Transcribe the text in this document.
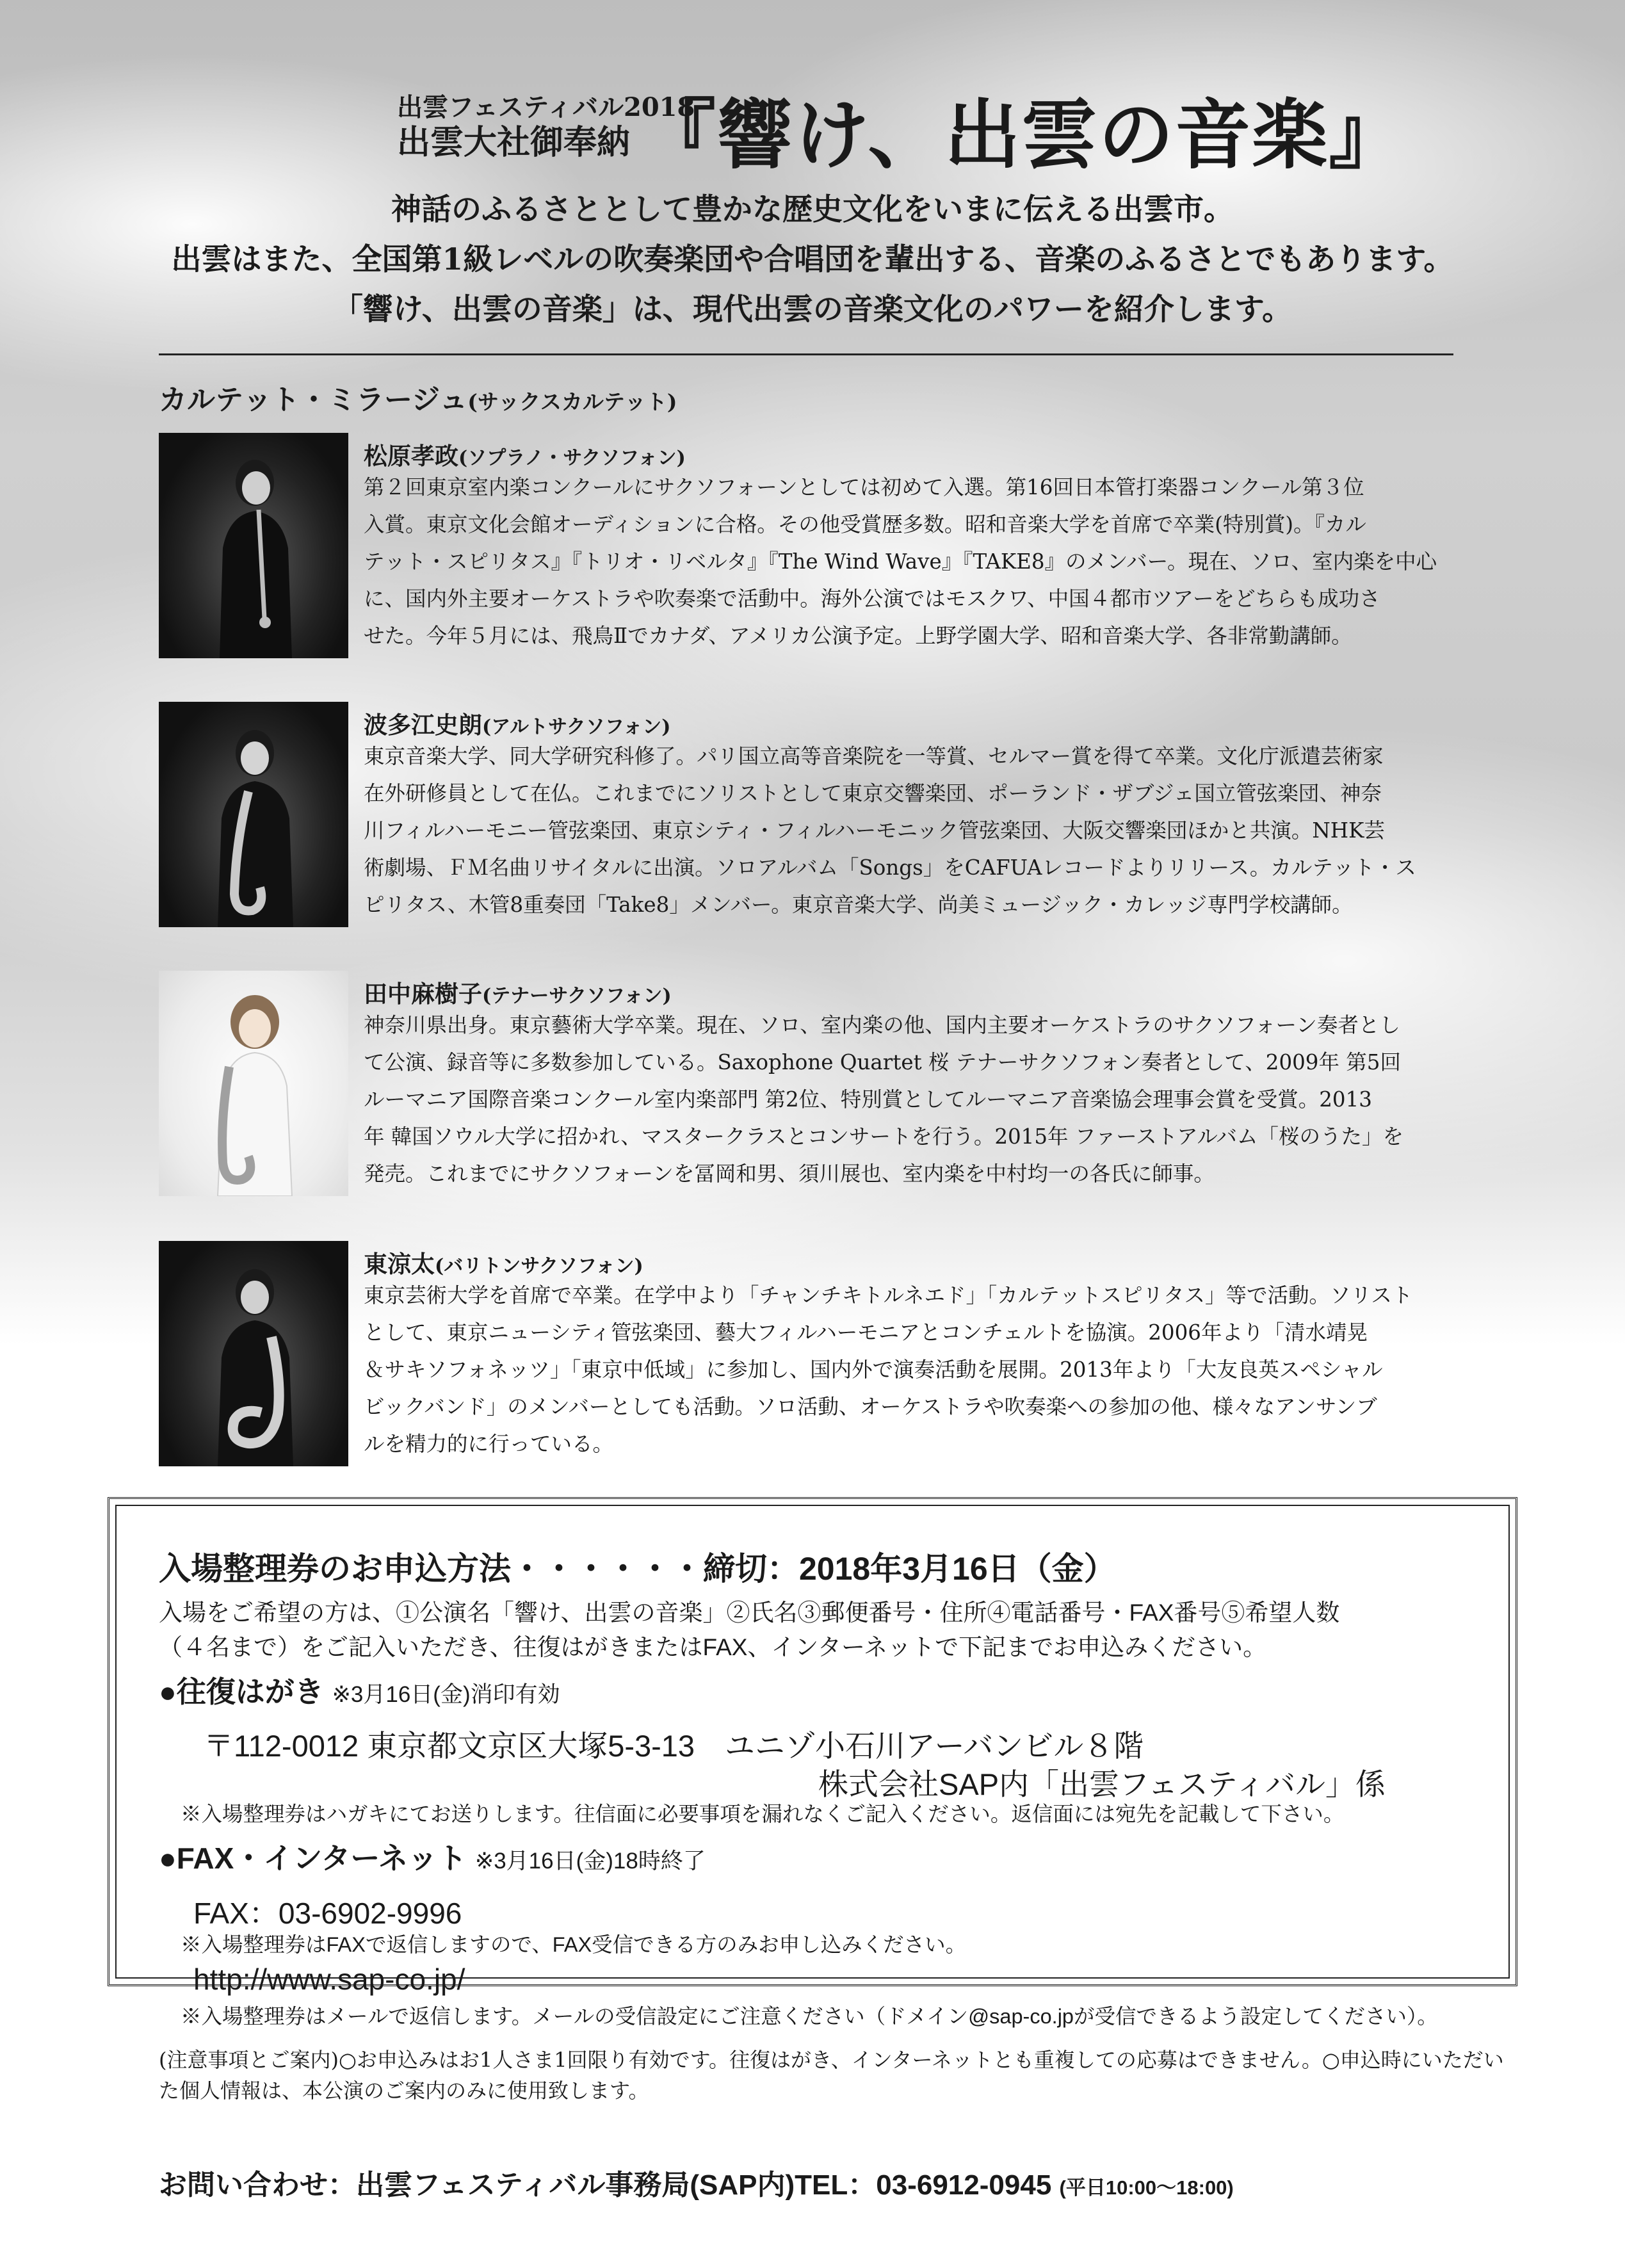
出雲フェスティバル2018
出雲大社御奉納 『響け、出雲の音楽』
神話のふるさととして豊かな歴史文化をいまに伝える出雲市。
出雲はまた、全国第1級レベルの吹奏楽団や合唱団を輩出する、音楽のふるさとでもあります。
「響け、出雲の音楽」は、現代出雲の音楽文化のパワーを紹介します。
カルテット・ミラージュ(サックスカルテット)
松原孝政(ソプラノ・サクソフォン)
第２回東京室内楽コンクールにサクソフォーンとしては初めて入選。第16回日本管打楽器コンクール第３位
入賞。東京文化会館オーディションに合格。その他受賞歴多数。昭和音楽大学を首席で卒業(特別賞)。『カル
テット・スピリタス』『トリオ・リベルタ』『The Wind Wave』『TAKE8』のメンバー。現在、ソロ、室内楽を中心
に、国内外主要オーケストラや吹奏楽で活動中。海外公演ではモスクワ、中国４都市ツアーをどちらも成功さ
せた。今年５月には、飛鳥Ⅱでカナダ、アメリカ公演予定。上野学園大学、昭和音楽大学、各非常勤講師。
波多江史朗(アルトサクソフォン)
東京音楽大学、同大学研究科修了。パリ国立高等音楽院を一等賞、セルマー賞を得て卒業。文化庁派遣芸術家
在外研修員として在仏。これまでにソリストとして東京交響楽団、ポーランド・ザブジェ国立管弦楽団、神奈
川フィルハーモニー管弦楽団、東京シティ・フィルハーモニック管弦楽団、大阪交響楽団ほかと共演。NHK芸
術劇場、ＦＭ名曲リサイタルに出演。ソロアルバム「Songs」をCAFUAレコードよりリリース。カルテット・ス
ピリタス、木管8重奏団「Take8」メンバー。東京音楽大学、尚美ミュージック・カレッジ専門学校講師。
田中麻樹子(テナーサクソフォン)
神奈川県出身。東京藝術大学卒業。現在、ソロ、室内楽の他、国内主要オーケストラのサクソフォーン奏者とし
て公演、録音等に多数参加している。Saxophone Quartet 桜 テナーサクソフォン奏者として、2009年 第5回
ルーマニア国際音楽コンクール室内楽部門 第2位、特別賞としてルーマニア音楽協会理事会賞を受賞。2013
年 韓国ソウル大学に招かれ、マスタークラスとコンサートを行う。2015年 ファーストアルバム「桜のうた」を
発売。これまでにサクソフォーンを冨岡和男、須川展也、室内楽を中村均一の各氏に師事。
東涼太(バリトンサクソフォン)
東京芸術大学を首席で卒業。在学中より「チャンチキトルネエド」「カルテットスピリタス」等で活動。ソリスト
として、東京ニューシティ管弦楽団、藝大フィルハーモニアとコンチェルトを協演。2006年より「清水靖晃
＆サキソフォネッツ」「東京中低域」に参加し、国内外で演奏活動を展開。2013年より「大友良英スペシャル
ビックバンド」のメンバーとしても活動。ソロ活動、オーケストラや吹奏楽への参加の他、様々なアンサンブ
ルを精力的に行っている。
入場整理券のお申込方法・・・・・・締切：2018年3月16日（金）
入場をご希望の方は、①公演名「響け、出雲の音楽」②氏名③郵便番号・住所④電話番号・FAX番号⑤希望人数
（４名まで）をご記入いただき、往復はがきまたはFAX、インターネットで下記までお申込みください。
●往復はがき ※3月16日(金)消印有効
〒112-0012 東京都文京区大塚5-3-13　ユニゾ小石川アーバンビル８階
株式会社SAP内「出雲フェスティバル」係
※入場整理券はハガキにてお送りします。往信面に必要事項を漏れなくご記入ください。返信面には宛先を記載して下さい。
●FAX・インターネット ※3月16日(金)18時終了
FAX：03-6902-9996
※入場整理券はFAXで返信しますので、FAX受信できる方のみお申し込みください。
http://www.sap-co.jp/
※入場整理券はメールで返信します。メールの受信設定にご注意ください（ドメイン@sap-co.jpが受信できるよう設定してください）。
(注意事項とご案内)○お申込みはお1人さま1回限り有効です。往復はがき、インターネットとも重複しての応募はできません。○申込時にいただい
た個人情報は、本公演のご案内のみに使用致します。
お問い合わせ：出雲フェスティバル事務局(SAP内)TEL：03-6912-0945 (平日10:00〜18:00)
